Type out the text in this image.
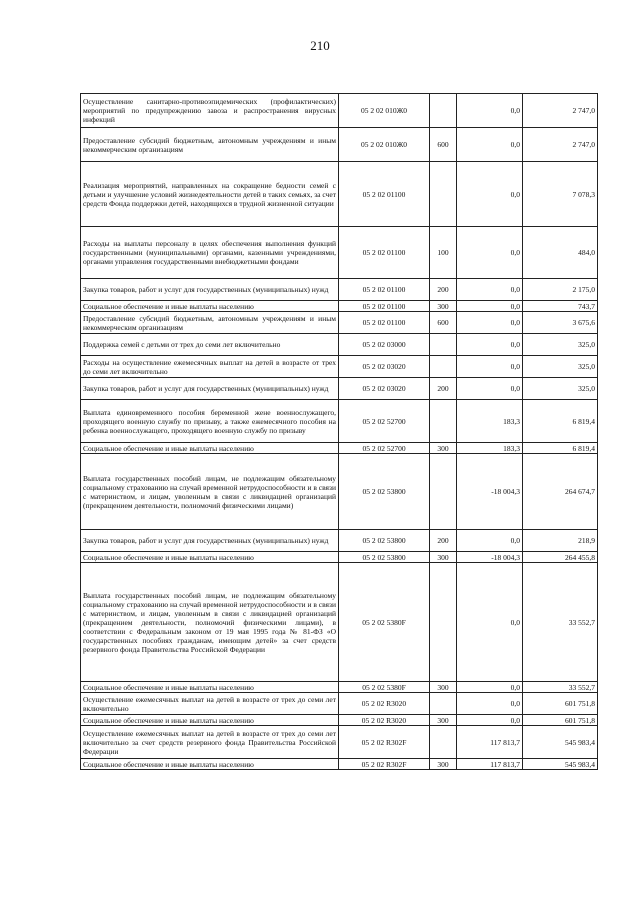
210
Осуществление санитарно-противоэпидемических (профилактических) мероприятий по предупреждению завоза и распространения вирусных инфекций	05 2 02 010Ж0		0,0	2 747,0
Предоставление субсидий бюджетным, автономным учреждениям и иным некоммерческим организациям	05 2 02 010Ж0	600	0,0	2 747,0
Реализация мероприятий, направленных на сокращение бедности семей с детьми и улучшение условий жизнедеятельности детей в таких семьях, за счет средств Фонда поддержки детей, находящихся в трудной жизненной ситуации	05 2 02 01100		0,0	7 078,3
Расходы на выплаты персоналу в целях обеспечения выполнения функций государственными (муниципальными) органами, казенными учреждениями, органами управления государственными внебюджетными фондами	05 2 02 01100	100	0,0	484,0
Закупка товаров, работ и услуг для государственных (муниципальных) нужд	05 2 02 01100	200	0,0	2 175,0
Социальное обеспечение и иные выплаты населению	05 2 02 01100	300	0,0	743,7
Предоставление субсидий бюджетным, автономным учреждениям и иным некоммерческим организациям	05 2 02 01100	600	0,0	3 675,6
Поддержка семей с детьми от трех до семи лет включительно	05 2 02 03000		0,0	325,0
Расходы на осуществление ежемесячных выплат на детей в возрасте от трех до семи лет включительно	05 2 02 03020		0,0	325,0
Закупка товаров, работ и услуг для государственных (муниципальных) нужд	05 2 02 03020	200	0,0	325,0
Выплата единовременного пособия беременной жене военнослужащего, проходящего военную службу по призыву, а также ежемесячного пособия на ребенка военнослужащего, проходящего военную службу по призыву	05 2 02 52700		183,3	6 819,4
Социальное обеспечение и иные выплаты населению	05 2 02 52700	300	183,3	6 819,4
Выплата государственных пособий лицам, не подлежащим обязательному социальному страхованию на случай временной нетрудоспособности и в связи с материнством, и лицам, уволенным в связи с ликвидацией организаций (прекращением деятельности, полномочий физическими лицами)	05 2 02 53800		-18 004,3	264 674,7
Закупка товаров, работ и услуг для государственных (муниципальных) нужд	05 2 02 53800	200	0,0	218,9
Социальное обеспечение и иные выплаты населению	05 2 02 53800	300	-18 004,3	264 455,8
Выплата государственных пособий лицам, не подлежащим обязательному социальному страхованию на случай временной нетрудоспособности и в связи с материнством, и лицам, уволенным в связи с ликвидацией организаций (прекращением деятельности, полномочий физическими лицами), в соответствии с Федеральным законом от 19 мая 1995 года № 81-ФЗ «О государственных пособиях гражданам, имеющим детей» за счет средств резервного фонда Правительства Российской Федерации	05 2 02 5380F		0,0	33 552,7
Социальное обеспечение и иные выплаты населению	05 2 02 5380F	300	0,0	33 552,7
Осуществление ежемесячных выплат на детей в возрасте от трех до семи лет включительно	05 2 02 R3020		0,0	601 751,8
Социальное обеспечение и иные выплаты населению	05 2 02 R3020	300	0,0	601 751,8
Осуществление ежемесячных выплат на детей в возрасте от трех до семи лет включительно за счет средств резервного фонда Правительства Российской Федерации	05 2 02 R302F		117 813,7	545 983,4
Социальное обеспечение и иные выплаты населению	05 2 02 R302F	300	117 813,7	545 983,4
